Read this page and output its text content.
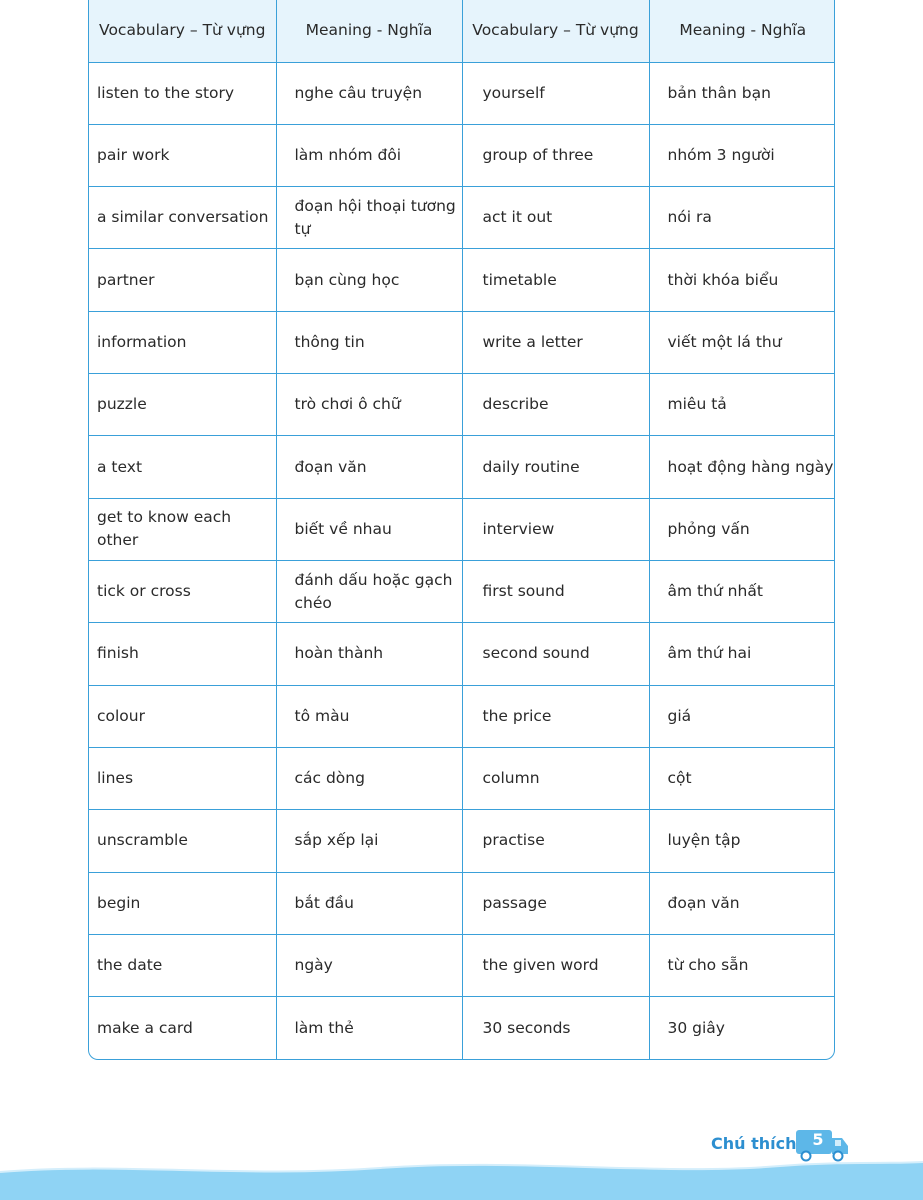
Vocabulary – Từ vựng	Meaning - Nghĩa	Vocabulary – Từ vựng	Meaning - Nghĩa
listen to the story	nghe câu truyện	yourself	bản thân bạn
pair work	làm nhóm đôi	group of three	nhóm 3 người
a similar conversation	đoạn hội thoại tương tự	act it out	nói ra
partner	bạn cùng học	timetable	thời khóa biểu
information	thông tin	write a letter	viết một lá thư
puzzle	trò chơi ô chữ	describe	miêu tả
a text	đoạn văn	daily routine	hoạt động hàng ngày
get to know each other	biết về nhau	interview	phỏng vấn
tick or cross	đánh dấu hoặc gạch chéo	first sound	âm thứ nhất
finish	hoàn thành	second sound	âm thứ hai
colour	tô màu	the price	giá
lines	các dòng	column	cột
unscramble	sắp xếp lại	practise	luyện tập
begin	bắt đầu	passage	đoạn văn
the date	ngày	the given word	từ cho sẵn
make a card	làm thẻ	30 seconds	30 giây
Chú thích 5
